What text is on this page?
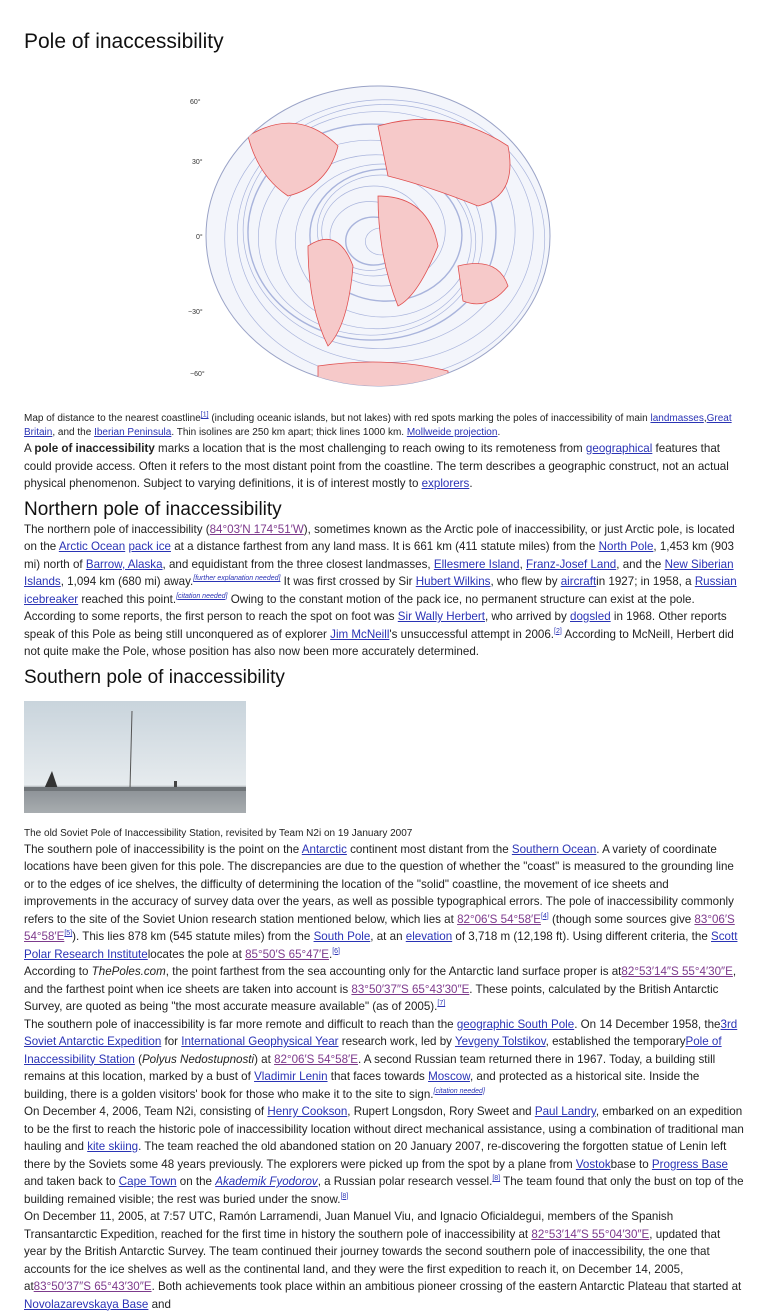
Pole of inaccessibility
60°
30°
0°
−30°
−60°
Map of distance to the nearest coastline[1] (including oceanic islands, but not lakes) with red spots marking the poles of inaccessibility of main landmasses,Great Britain, and the Iberian Peninsula. Thin isolines are 250 km apart; thick lines 1000 km. Mollweide projection.

A pole of inaccessibility marks a location that is the most challenging to reach owing to its remoteness from geographical features that could provide access. Often it refers to the most distant point from the coastline. The term describes a geographic construct, not an actual physical phenomenon. Subject to varying definitions, it is of interest mostly to explorers.

Northern pole of inaccessibility

The northern pole of inaccessibility (84°03′N 174°51′W), sometimes known as the Arctic pole of inaccessibility, or just Arctic pole, is located on the Arctic Ocean pack ice at a distance farthest from any land mass. It is 661 km (411 statute miles) from the North Pole, 1,453 km (903 mi) north of Barrow, Alaska, and equidistant from the three closest landmasses, Ellesmere Island, Franz-Josef Land, and the New Siberian Islands, 1,094 km (680 mi) away.[further explanation needed] It was first crossed by Sir Hubert Wilkins, who flew by aircraftin 1927; in 1958, a Russian icebreaker reached this point.[citation needed] Owing to the constant motion of the pack ice, no permanent structure can exist at the pole. According to some reports, the first person to reach the spot on foot was Sir Wally Herbert, who arrived by dogsled in 1968. Other reports speak of this Pole as being still unconquered as of explorer Jim McNeill's unsuccessful attempt in 2006.[2] According to McNeill, Herbert did not quite make the Pole, whose position has also now been more accurately determined.

Southern pole of inaccessibility
The old Soviet Pole of Inaccessibility Station, revisited by Team N2i on 19 January 2007

The southern pole of inaccessibility is the point on the Antarctic continent most distant from the Southern Ocean. A variety of coordinate locations have been given for this pole. The discrepancies are due to the question of whether the "coast" is measured to the grounding line or to the edges of ice shelves, the difficulty of determining the location of the "solid" coastline, the movement of ice sheets and improvements in the accuracy of survey data over the years, as well as possible typographical errors. The pole of inaccessibility commonly refers to the site of the Soviet Union research station mentioned below, which lies at 82°06′S 54°58′E[4] (though some sources give 83°06′S 54°58′E[5]). This lies 878 km (545 statute miles) from the South Pole, at an elevation of 3,718 m (12,198 ft). Using different criteria, the Scott Polar Research Institutelocates the pole at 85°50′S 65°47′E.[6]

According to ThePoles.com, the point farthest from the sea accounting only for the Antarctic land surface proper is at82°53′14″S 55°4′30″E, and the farthest point when ice sheets are taken into account is 83°50′37″S 65°43′30″E. These points, calculated by the British Antarctic Survey, are quoted as being "the most accurate measure available" (as of 2005).[7]

The southern pole of inaccessibility is far more remote and difficult to reach than the geographic South Pole. On 14 December 1958, the3rd Soviet Antarctic Expedition for International Geophysical Year research work, led by Yevgeny Tolstikov, established the temporaryPole of Inaccessibility Station (Polyus Nedostupnosti) at 82°06′S 54°58′E. A second Russian team returned there in 1967. Today, a building still remains at this location, marked by a bust of Vladimir Lenin that faces towards Moscow, and protected as a historical site. Inside the building, there is a golden visitors' book for those who make it to the site to sign.[citation needed]

On December 4, 2006, Team N2i, consisting of Henry Cookson, Rupert Longsdon, Rory Sweet and Paul Landry, embarked on an expedition to be the first to reach the historic pole of inaccessibility location without direct mechanical assistance, using a combination of traditional man hauling and kite skiing. The team reached the old abandoned station on 20 January 2007, re-discovering the forgotten statue of Lenin left there by the Soviets some 48 years previously. The explorers were picked up from the spot by a plane from Vostokbase to Progress Base and taken back to Cape Town on the Akademik Fyodorov, a Russian polar research vessel.[8] The team found that only the bust on top of the building remained visible; the rest was buried under the snow.[8]

On December 11, 2005, at 7:57 UTC, Ramón Larramendi, Juan Manuel Viu, and Ignacio Oficialdegui, members of the Spanish Transantarctic Expedition, reached for the first time in history the southern pole of inaccessibility at 82°53′14″S 55°04′30″E, updated that year by the British Antarctic Survey. The team continued their journey towards the second southern pole of inaccessibility, the one that accounts for the ice shelves as well as the continental land, and they were the first expedition to reach it, on December 14, 2005, at83°50′37″S 65°43′30″E. Both achievements took place within an ambitious pioneer crossing of the eastern Antarctic Plateau that started at Novolazarevskaya Base and
